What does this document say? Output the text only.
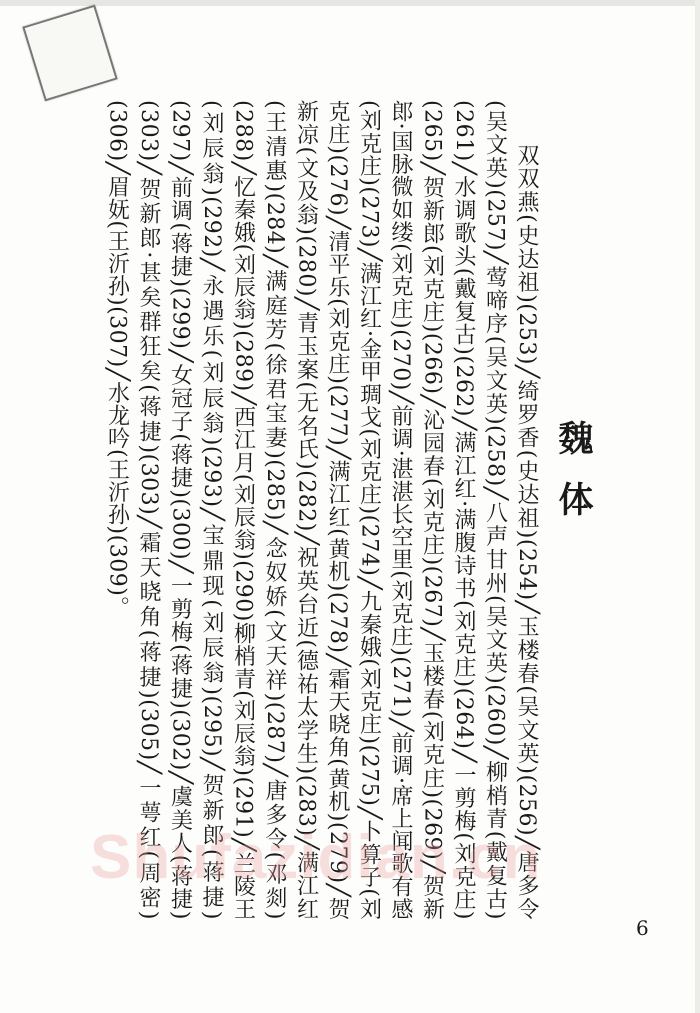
魏体
双双燕(史达祖)(253)╱绮罗香(史达祖)(254)╱玉楼春(吴文英)(256)╱唐多令(吴文英)(257)╱莺啼序(吴文英)(258)╱八声甘州(吴文英)(260)╱柳梢青(戴复古)(261)╱水调歌头(戴复古)(262)╱满江红·满腹诗书(刘克庄)(264)╱一剪梅(刘克庄)(265)╱贺新郎(刘克庄)(266)╱沁园春(刘克庄)(267)╱玉楼春(刘克庄)(269)╱贺新郎·国脉微如缕(刘克庄)(270)╱前调·湛湛长空里(刘克庄)(271)╱前调·席上闻歌有感(刘克庄)(273)╱满江红·金甲琱戈(刘克庄)(274)╱九秦娥(刘克庄)(275)╱卜算子(刘克庄)(276)╱清平乐(刘克庄)(277)╱满江红(黄机)(278)╱霜天晓角(黄机)(279)╱贺新凉(文及翁)(280)╱青玉案(无名氏)(282)╱祝英台近(德祐太学生)(283)╱满江红(王清惠)(284)╱满庭芳(徐君宝妻)(285)╱念奴娇(文天祥)(287)╱唐多令(邓剡)(288)╱忆秦娥(刘辰翁)(289)╱西江月(刘辰翁)(290)柳梢青(刘辰翁)(291)╱兰陵王(刘辰翁)(292)╱永遇乐(刘辰翁)(293)╱宝鼎现(刘辰翁)(295)╱贺新郎(蒋捷)(297)╱前调(蒋捷)(299)╱女冠子(蒋捷)(300)╱一剪梅(蒋捷)(302)╱虞美人(蒋捷)(303)╱贺新郎·甚矣群狂矣(蒋捷)(303)╱霜天晓角(蒋捷)(305)╱一萼红(周密)(306)╱眉妩(王沂孙)(307)╱水龙吟(王沂孙)(309)。
Shufazidian.cn
6
